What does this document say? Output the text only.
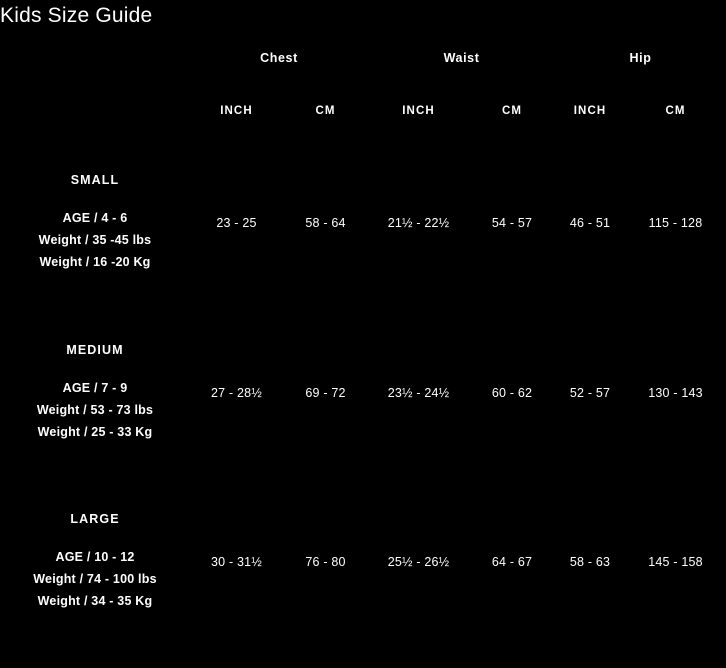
Kids Size Guide
	Chest		Waist		Hip	
	INCH	CM	INCH	CM	INCH	CM

SMALL
AGE / 4 - 6
Weight / 35 -45 lbs
Weight / 16 -20 Kg	23 - 25	58 - 64	21½ - 22½	54 - 57	46 - 51	115 - 128

MEDIUM
AGE / 7 - 9
Weight / 53 - 73 lbs
Weight / 25 - 33 Kg	27 - 28½	69 - 72	23½ - 24½	60 - 62	52 - 57	130 - 143

LARGE
AGE / 10 - 12
Weight / 74 - 100 lbs
Weight / 34 - 35 Kg	30 - 31½	76 - 80	25½ - 26½	64 - 67	58 - 63	145 - 158
